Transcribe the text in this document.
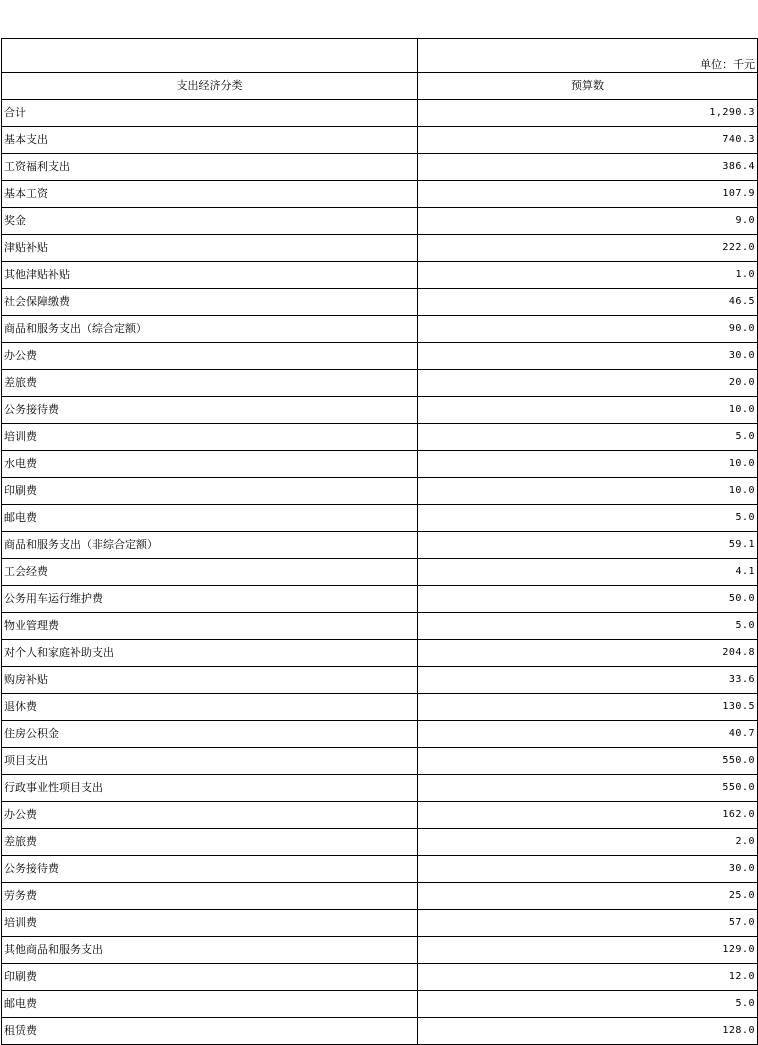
	单位：千元
支出经济分类	预算数
合计	1,290.3
基本支出	740.3
工资福利支出	386.4
基本工资	107.9
奖金	9.0
津贴补贴	222.0
其他津贴补贴	1.0
社会保障缴费	46.5
商品和服务支出（综合定额）	90.0
办公费	30.0
差旅费	20.0
公务接待费	10.0
培训费	5.0
水电费	10.0
印刷费	10.0
邮电费	5.0
商品和服务支出（非综合定额）	59.1
工会经费	4.1
公务用车运行维护费	50.0
物业管理费	5.0
对个人和家庭补助支出	204.8
购房补贴	33.6
退休费	130.5
住房公积金	40.7
项目支出	550.0
行政事业性项目支出	550.0
办公费	162.0
差旅费	2.0
公务接待费	30.0
劳务费	25.0
培训费	57.0
其他商品和服务支出	129.0
印刷费	12.0
邮电费	5.0
租赁费	128.0
